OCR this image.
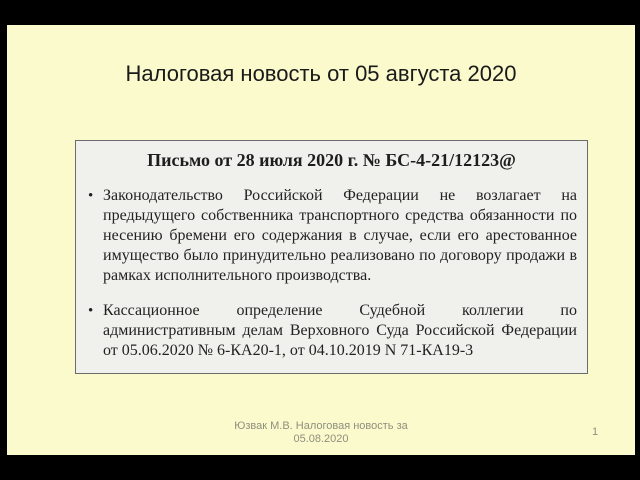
Налоговая новость от 05 августа 2020
Письмо от 28 июля 2020 г. № БС-4-21/12123@
• Законодательство Российской Федерации не возлагает на предыдущего собственника транспортного средства обязанности по несению бремени его содержания в случае, если его арестованное имущество было принудительно реализовано по договору продажи в рамках исполнительного производства.
• Кассационное определение Судебной коллегии по административным делам Верховного Суда Российской Федерации от 05.06.2020 № 6-КА20-1, от 04.10.2019 N 71-КА19-3
Юзвак М.В. Налоговая новость за 05.08.2020
1
